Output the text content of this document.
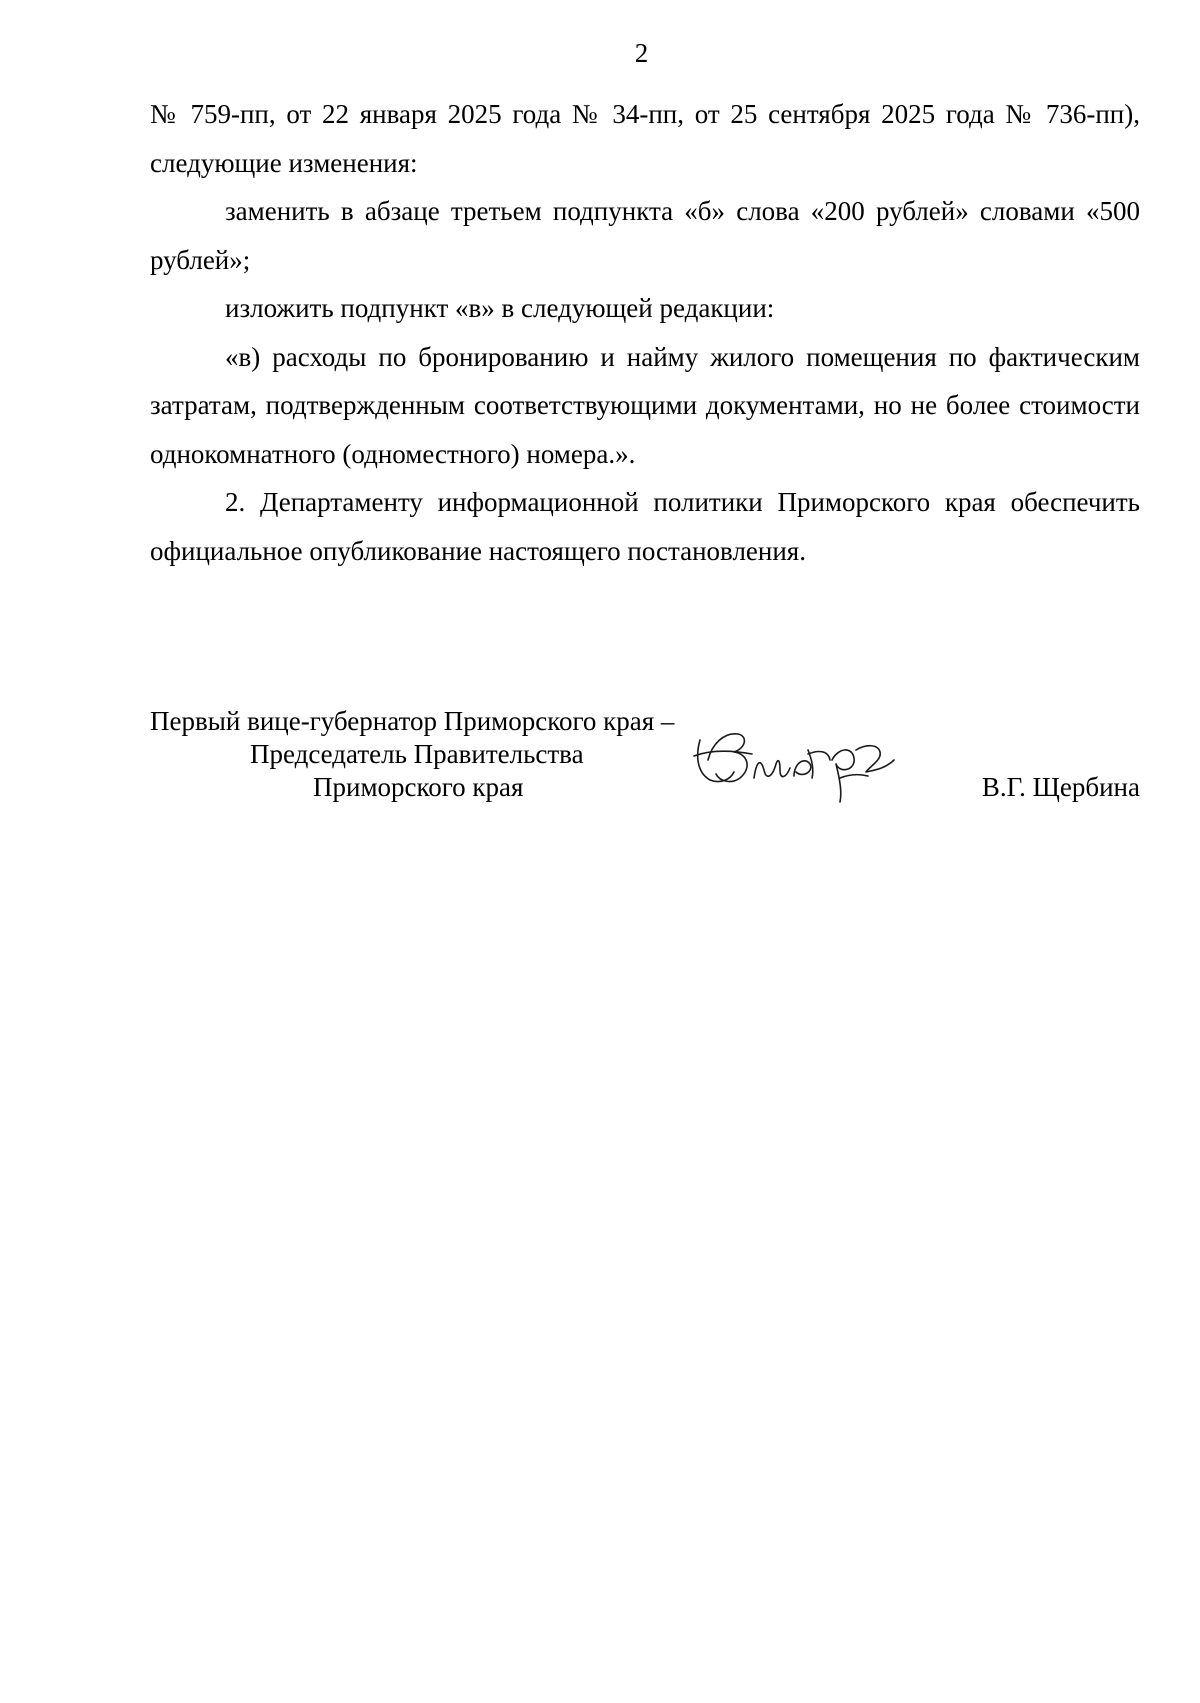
2

№ 759-пп, от 22 января 2025 года № 34-пп, от 25 сентября 2025 года № 736-пп), следующие изменения:

заменить в абзаце третьем подпункта «б» слова «200 рублей» словами «500 рублей»;

изложить подпункт «в» в следующей редакции:

«в) расходы по бронированию и найму жилого помещения по фактическим затратам, подтвержденным соответствующими документами, но не более стоимости однокомнатного (одноместного) номера.».

2. Департаменту информационной политики Приморского края обеспечить официальное опубликование настоящего постановления.

Первый вице-губернатор Приморского края –
Председатель Правительства
Приморского края	В.Г. Щербина
